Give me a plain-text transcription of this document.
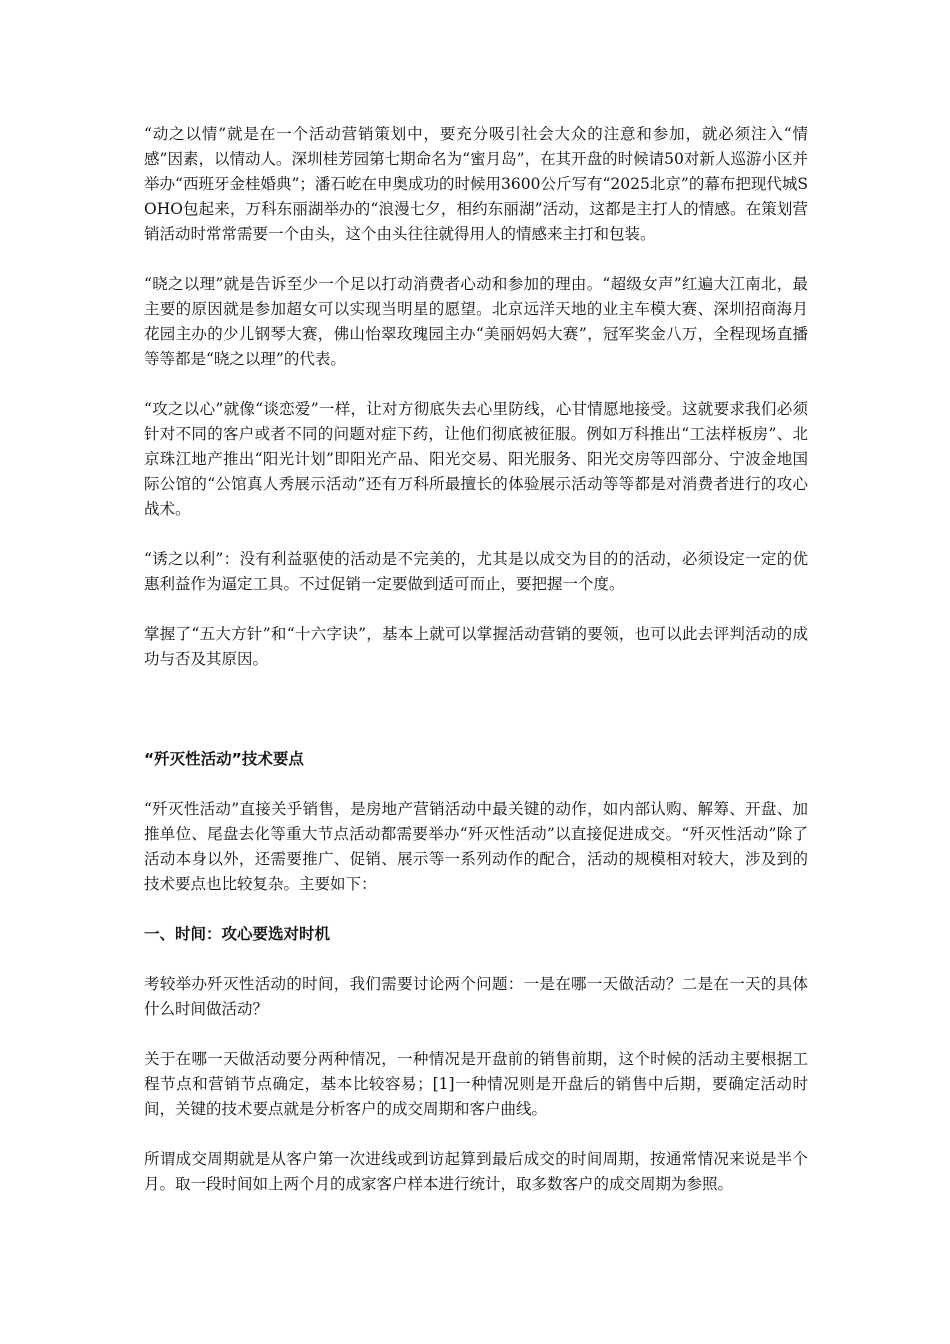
“动之以情”就是在一个活动营销策划中，要充分吸引社会大众的注意和参加，就必须注入“情感”因素，以情动人。深圳桂芳园第七期命名为“蜜月岛”，在其开盘的时候请50对新人巡游小区并举办“西班牙金桂婚典”；潘石屹在申奥成功的时候用3600公斤写有“2025北京”的幕布把现代城SOHO包起来，万科东丽湖举办的“浪漫七夕，相约东丽湖”活动，这都是主打人的情感。在策划营销活动时常常需要一个由头，这个由头往往就得用人的情感来主打和包装。

“晓之以理”就是告诉至少一个足以打动消费者心动和参加的理由。“超级女声”红遍大江南北，最主要的原因就是参加超女可以实现当明星的愿望。北京远洋天地的业主车模大赛、深圳招商海月花园主办的少儿钢琴大赛，佛山怡翠玫瑰园主办“美丽妈妈大赛”，冠军奖金八万，全程现场直播等等都是“晓之以理”的代表。

“攻之以心”就像“谈恋爱”一样，让对方彻底失去心里防线，心甘情愿地接受。这就要求我们必须针对不同的客户或者不同的问题对症下药，让他们彻底被征服。例如万科推出“工法样板房”、北京珠江地产推出“阳光计划”即阳光产品、阳光交易、阳光服务、阳光交房等四部分、宁波金地国际公馆的“公馆真人秀展示活动”还有万科所最擅长的体验展示活动等等都是对消费者进行的攻心战术。

“诱之以利”：没有利益驱使的活动是不完美的，尤其是以成交为目的的活动，必须设定一定的优惠利益作为逼定工具。不过促销一定要做到适可而止，要把握一个度。

掌握了“五大方针”和“十六字诀”，基本上就可以掌握活动营销的要领，也可以此去评判活动的成功与否及其原因。

“歼灭性活动”技术要点

“歼灭性活动”直接关乎销售，是房地产营销活动中最关键的动作，如内部认购、解筹、开盘、加推单位、尾盘去化等重大节点活动都需要举办“歼灭性活动”以直接促进成交。“歼灭性活动”除了活动本身以外，还需要推广、促销、展示等一系列动作的配合，活动的规模相对较大，涉及到的技术要点也比较复杂。主要如下：

一、时间：攻心要选对时机

考较举办歼灭性活动的时间，我们需要讨论两个问题：一是在哪一天做活动？二是在一天的具体什么时间做活动？

关于在哪一天做活动要分两种情况，一种情况是开盘前的销售前期，这个时候的活动主要根据工程节点和营销节点确定，基本比较容易；[1]一种情况则是开盘后的销售中后期，要确定活动时间，关键的技术要点就是分析客户的成交周期和客户曲线。

所谓成交周期就是从客户第一次进线或到访起算到最后成交的时间周期，按通常情况来说是半个月。取一段时间如上两个月的成家客户样本进行统计，取多数客户的成交周期为参照。
